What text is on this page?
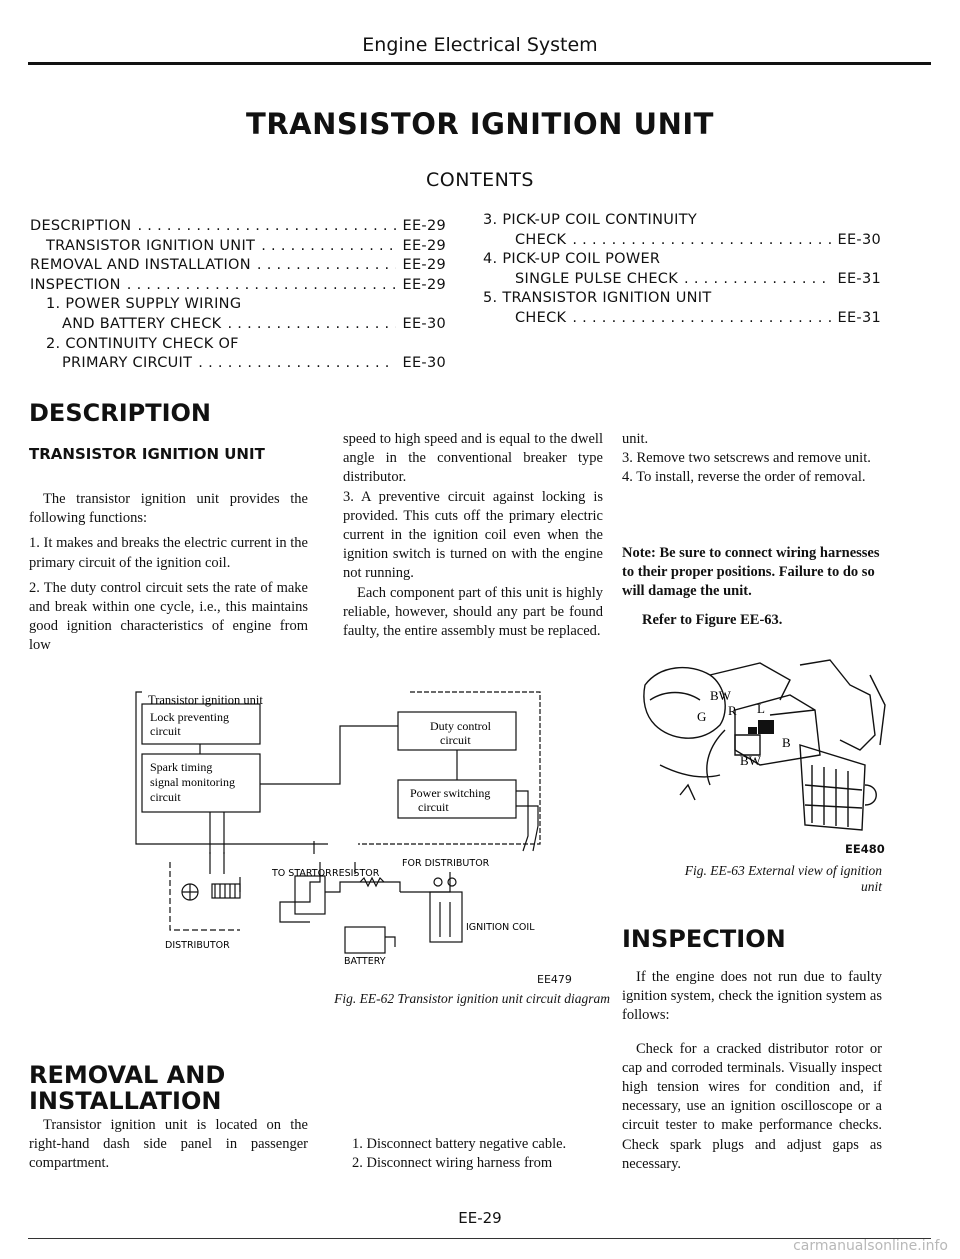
Engine Electrical System
TRANSISTOR IGNITION UNIT
CONTENTS
DESCRIPTION . . .	EE-29
TRANSISTOR IGNITION UNIT . . .	EE-29
REMOVAL AND INSTALLATION . . .	EE-29
INSPECTION . . .	EE-29
1. POWER SUPPLY WIRING
AND BATTERY CHECK . . .	EE-30
2. CONTINUITY CHECK OF
PRIMARY CIRCUIT . . .	EE-30
3. PICK-UP COIL CONTINUITY
CHECK . . .	EE-30
4. PICK-UP COIL POWER
SINGLE PULSE CHECK . . .	EE-31
5. TRANSISTOR IGNITION UNIT
CHECK . . .	EE-31
DESCRIPTION
TRANSISTOR IGNITION UNIT

The transistor ignition unit provides the following functions:

1. It makes and breaks the electric current in the primary circuit of the ignition coil.

2. The duty control circuit sets the rate of make and break within one cycle, i.e., this maintains good ignition characteristics of engine from low

speed to high speed and is equal to the dwell angle in the conventional breaker type distributor.

3. A preventive circuit against locking is provided. This cuts off the primary electric current in the ignition coil even when the ignition switch is turned on with the engine not running.

Each component part of this unit is highly reliable, however, should any part be found faulty, the entire assembly must be replaced.

unit.

3. Remove two setscrews and remove unit.

4. To install, reverse the order of removal.

Note: Be sure to connect wiring harnesses to their proper positions. Failure to do so will damage the unit.
Refer to Figure EE-63.
L
BW
G R
B
BW
EE480
Fig. EE-63 External view of ignition unit
Transistor ignition unit
Lock preventing circuit
Spark timing signal monitoring circuit
Duty control circuit
Power switching circuit
TO STARTOR RESISTOR
FOR DISTRIBUTOR
DISTRIBUTOR
BATTERY
IGNITION COIL
EE479
Fig. EE-62 Transistor ignition unit circuit diagram
INSPECTION

If the engine does not run due to faulty ignition system, check the ignition system as follows:

Check for a cracked distributor rotor or cap and corroded terminals. Visually inspect high tension wires for condition and, if necessary, use an ignition oscilloscope or a circuit tester to make performance checks. Check spark plugs and adjust gaps as necessary.

REMOVAL AND
INSTALLATION

Transistor ignition unit is located on the right-hand dash side panel in passenger compartment.

1. Disconnect battery negative cable.

2. Disconnect wiring harness from

EE-29
carmanualsonline.info
